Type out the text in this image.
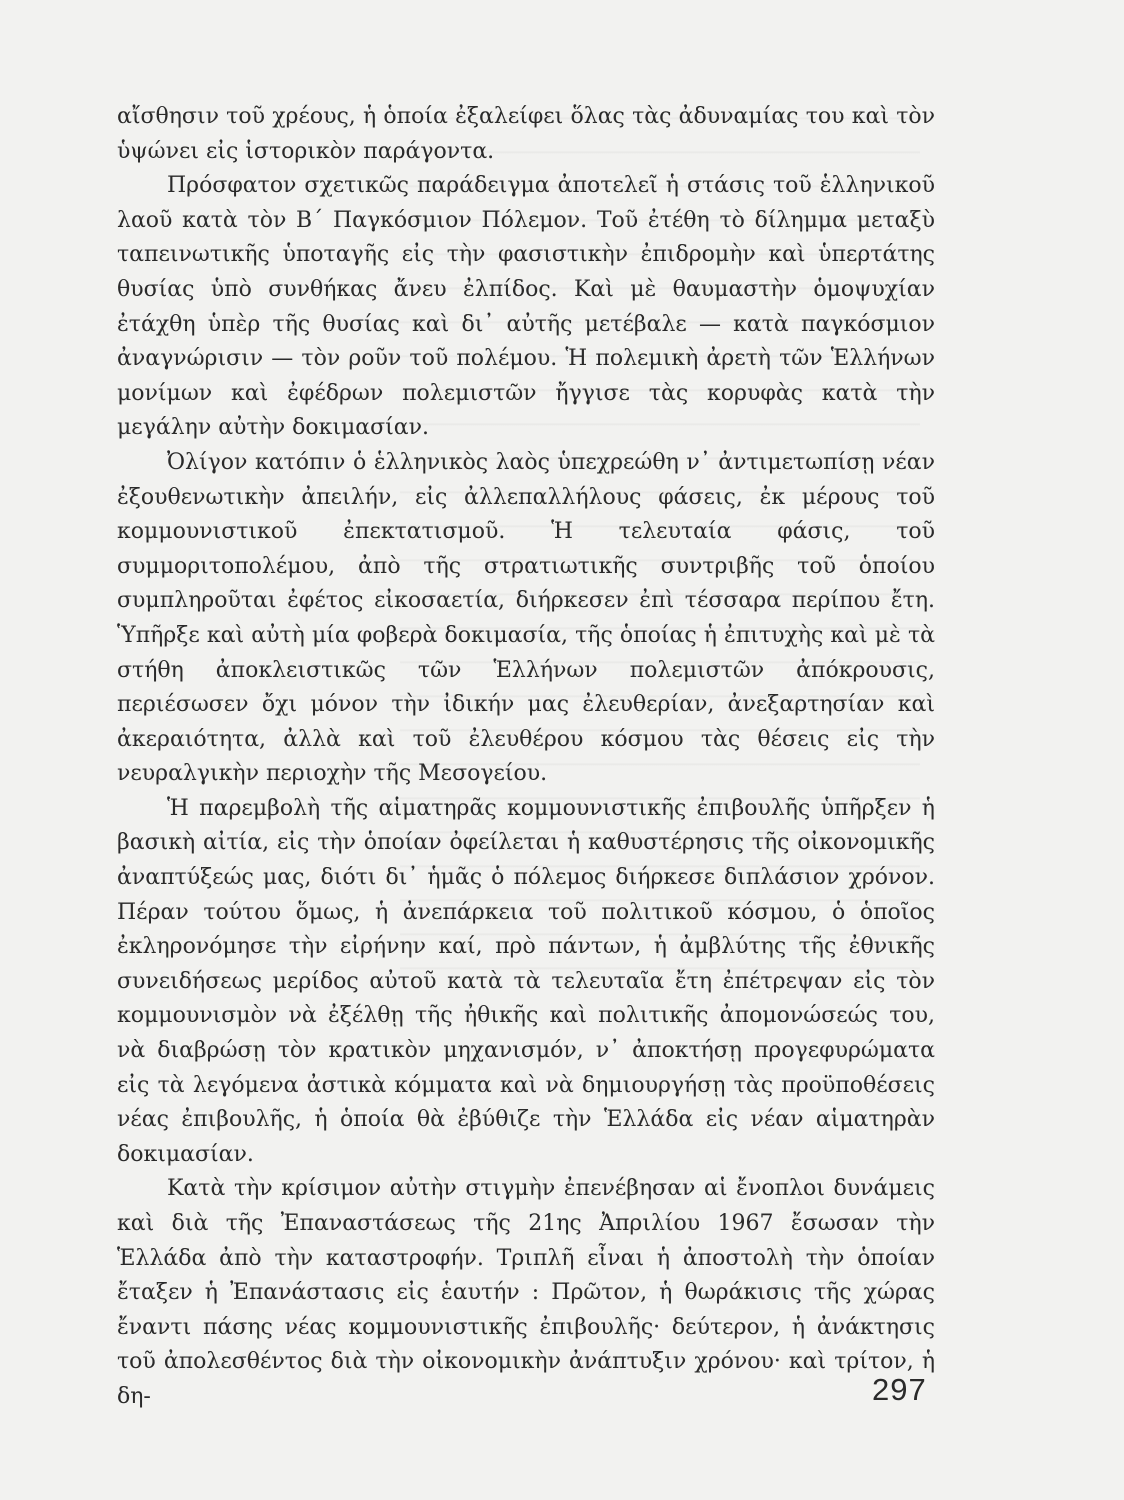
αἴσθησιν τοῦ χρέους, ἡ ὁποία ἐξαλείφει ὅλας τὰς ἀδυναμίας του καὶ τὸν ὑψώνει εἰς ἱστορικὸν παράγοντα.

Πρόσφατον σχετικῶς παράδειγμα ἀποτελεῖ ἡ στάσις τοῦ ἑλληνικοῦ λαοῦ κατὰ τὸν Β΄ Παγκόσμιον Πόλεμον. Τοῦ ἐτέθη τὸ δίλημμα μεταξὺ ταπεινωτικῆς ὑποταγῆς εἰς τὴν φασιστικὴν ἐπιδρομὴν καὶ ὑπερτάτης θυσίας ὑπὸ συνθήκας ἄνευ ἐλπίδος. Καὶ μὲ θαυμαστὴν ὁμοψυχίαν ἐτάχθη ὑπὲρ τῆς θυσίας καὶ δι᾽ αὐτῆς μετέβαλε — κατὰ παγκόσμιον ἀναγνώρισιν — τὸν ροῦν τοῦ πολέμου. Ἡ πολεμικὴ ἀρετὴ τῶν Ἑλλήνων μονίμων καὶ ἐφέδρων πολεμιστῶν ἤγγισε τὰς κορυφὰς κατὰ τὴν μεγάλην αὐτὴν δοκιμασίαν.

Ὀλίγον κατόπιν ὁ ἑλληνικὸς λαὸς ὑπεχρεώθη ν᾽ ἀντιμετωπίσῃ νέαν ἐξουθενωτικὴν ἀπειλήν, εἰς ἀλλεπαλλήλους φάσεις, ἐκ μέρους τοῦ κομμουνιστικοῦ ἐπεκτατισμοῦ. Ἡ τελευταία φάσις, τοῦ συμμοριτοπολέμου, ἀπὸ τῆς στρατιωτικῆς συντριβῆς τοῦ ὁποίου συμπληροῦται ἐφέτος εἰκοσαετία, διήρκεσεν ἐπὶ τέσσαρα περίπου ἔτη. Ὑπῆρξε καὶ αὐτὴ μία φοβερὰ δοκιμασία, τῆς ὁποίας ἡ ἐπιτυχὴς καὶ μὲ τὰ στήθη ἀποκλειστικῶς τῶν Ἑλλήνων πολεμιστῶν ἀπόκρουσις, περιέσωσεν ὄχι μόνον τὴν ἰδικήν μας ἐλευθερίαν, ἀνεξαρτησίαν καὶ ἀκεραιότητα, ἀλλὰ καὶ τοῦ ἐλευθέρου κόσμου τὰς θέσεις εἰς τὴν νευραλγικὴν περιοχὴν τῆς Μεσογείου.

Ἡ παρεμβολὴ τῆς αἱματηρᾶς κομμουνιστικῆς ἐπιβουλῆς ὑπῆρξεν ἡ βασικὴ αἰτία, εἰς τὴν ὁποίαν ὀφείλεται ἡ καθυστέρησις τῆς οἰκονομικῆς ἀναπτύξεώς μας, διότι δι᾽ ἡμᾶς ὁ πόλεμος διήρκεσε διπλάσιον χρόνον. Πέραν τούτου ὅμως, ἡ ἀνεπάρκεια τοῦ πολιτικοῦ κόσμου, ὁ ὁποῖος ἐκληρονόμησε τὴν εἰρήνην καί, πρὸ πάντων, ἡ ἀμβλύτης τῆς ἐθνικῆς συνειδήσεως μερίδος αὐτοῦ κατὰ τὰ τελευταῖα ἔτη ἐπέτρεψαν εἰς τὸν κομμουνισμὸν νὰ ἐξέλθῃ τῆς ἠθικῆς καὶ πολιτικῆς ἀπομονώσεώς του, νὰ διαβρώσῃ τὸν κρατικὸν μηχανισμόν, ν᾽ ἀποκτήσῃ προγεφυρώματα εἰς τὰ λεγόμενα ἀστικὰ κόμματα καὶ νὰ δημιουργήσῃ τὰς προϋποθέσεις νέας ἐπιβουλῆς, ἡ ὁποία θὰ ἐβύθιζε τὴν Ἑλλάδα εἰς νέαν αἱματηρὰν δοκιμασίαν.

Κατὰ τὴν κρίσιμον αὐτὴν στιγμὴν ἐπενέβησαν αἱ ἔνοπλοι δυνάμεις καὶ διὰ τῆς Ἐπαναστάσεως τῆς 21ης Ἀπριλίου 1967 ἔσωσαν τὴν Ἑλλάδα ἀπὸ τὴν καταστροφήν. Τριπλῆ εἶναι ἡ ἀποστολὴ τὴν ὁποίαν ἔταξεν ἡ Ἐπανάστασις εἰς ἑαυτήν : Πρῶτον, ἡ θωράκισις τῆς χώρας ἔναντι πάσης νέας κομμουνιστικῆς ἐπιβουλῆς· δεύτερον, ἡ ἀνάκτησις τοῦ ἀπολεσθέντος διὰ τὴν οἰκονομικὴν ἀνάπτυξιν χρόνου· καὶ τρίτον, ἡ δη-	297
